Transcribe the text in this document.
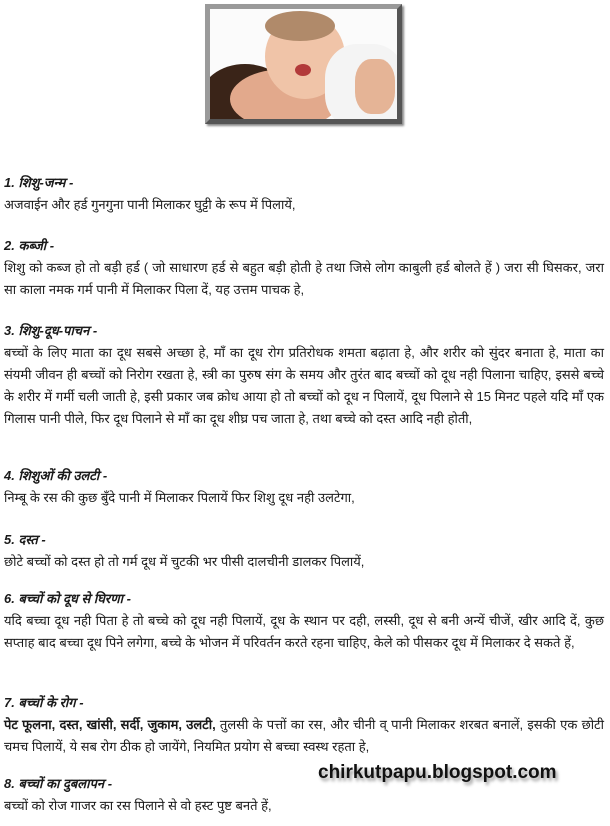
1. शिशु-जन्म -
अजवाईन और हर्ड गुनगुना पानी मिलाकर घुट्टी के रूप में पिलायें,
2. कब्जी -
शिशु को कब्ज हो तो बड़ी हर्ड ( जो साधारण हर्ड से बहुत बड़ी होती हे तथा जिसे लोग काबुली हर्ड बोलते हें ) जरा सी घिसकर, जरा सा काला नमक गर्म पानी में मिलाकर पिला दें, यह उत्तम पाचक हे,
3. शिशु-दूध-पाचन -
बच्चों के लिए माता का दूध सबसे अच्छा हे, माँ का दूध रोग प्रतिरोधक शमता बढ़ाता हे, और शरीर को सुंदर बनाता हे, माता का संयमी जीवन ही बच्चों को निरोग रखता हे, स्त्री का पुरुष संग के समय और तुरंत बाद बच्चों को दूध नही पिलाना चाहिए, इससे बच्चे के शरीर में गर्मी चली जाती हे, इसी प्रकार जब क्रोध आया हो तो बच्चों को दूध न पिलायें, दूध पिलाने से 15 मिनट पहले यदि माँ एक गिलास पानी पीले, फिर दूध पिलाने से माँ का दूध शीघ्र पच जाता हे, तथा बच्चे को दस्त आदि नही होती,
4. शिशुओं की उलटी -
निम्बू के रस की कुछ बुँदे पानी में मिलाकर पिलायें फिर शिशु दूध नही उलटेगा,
5. दस्त -
छोटे बच्चों को दस्त हो तो गर्म दूध में चुटकी भर पीसी दालचीनी डालकर पिलायें,
6. बच्चों को दूध से घिरणा -
यदि बच्चा दूध नही पिता हे तो बच्चे को दूध नही पिलायें, दूध के स्थान पर दही, लस्सी, दूध से बनी अन्यें चीजें, खीर आदि दें, कुछ सप्ताह बाद बच्चा दूध पिने लगेगा, बच्चे के भोजन में परिवर्तन करते रहना चाहिए, केले को पीसकर दूध में मिलाकर दे सकते हें,
7. बच्चों के रोग -
पेट फूलना, दस्त, खांसी, सर्दी, जुकाम, उलटी, तुलसी के पत्तों का रस, और चीनी व् पानी मिलाकर शरबत बनालें, इसकी एक छोटी चमच पिलायें, ये सब रोग ठीक हो जायेंगे, नियमित प्रयोग से बच्चा स्वस्थ रहता हे,
8. बच्चों का दुबलापन -
बच्चों को रोज गाजर का रस पिलाने से वो हस्ट पुष्ट बनते हें,
chirkutpapu.blogspot.com
